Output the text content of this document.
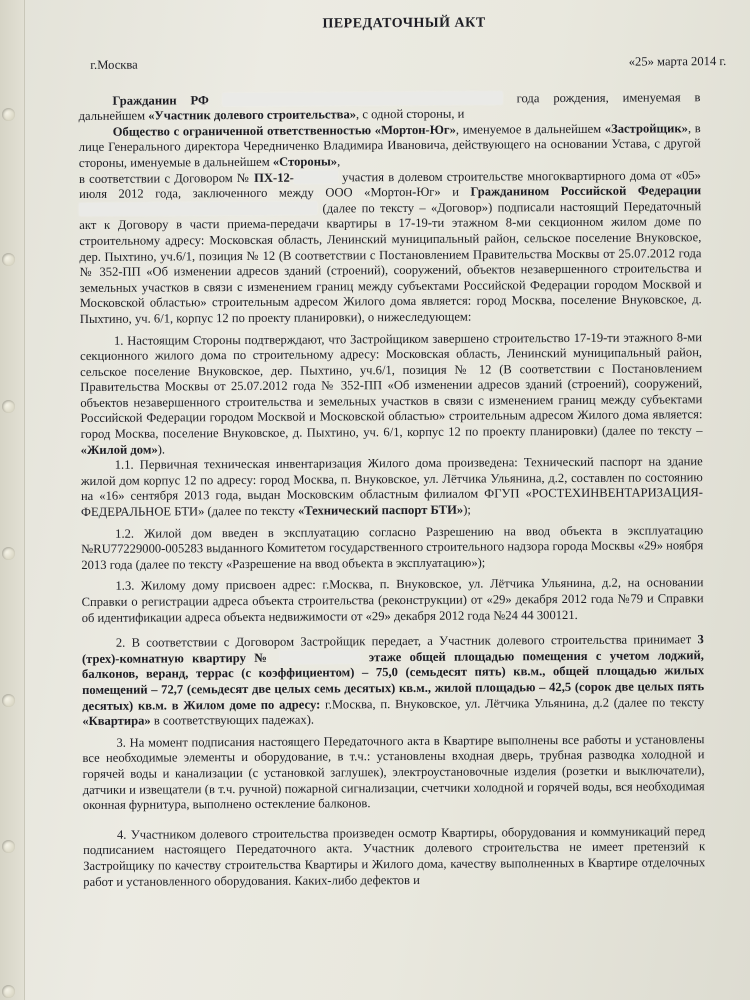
ПЕРЕДАТОЧНЫЙ АКТ
г.Москва	«25» марта 2014 г.

Гражданин РФ	года рождения, именуемая в дальнейшем «Участник долевого строительства», с одной стороны, и

Общество с ограниченной ответственностью «Мортон-Юг», именуемое в дальнейшем «Застройщик», в лице Генерального директора Чередниченко Владимира Ивановича, действующего на основании Устава, с другой стороны, именуемые в дальнейшем «Стороны»,

в соответствии с Договором № ПХ-12-	участия в долевом строительстве многоквартирного дома от «05» июля 2012 года, заключенного между ООО «Мортон-Юг» и Гражданином Российской Федерации  (далее по тексту – «Договор») подписали настоящий Передаточный акт к Договору в части приема-передачи квартиры в 17-19-ти этажном 8-ми секционном жилом доме по строительному адресу: Московская область, Ленинский муниципальный район, сельское поселение Внуковское, дер. Пыхтино, уч.6/1, позиция № 12 (В соответствии с Постановлением Правительства Москвы от 25.07.2012 года № 352-ПП «Об изменении адресов зданий (строений), сооружений, объектов незавершенного строительства и земельных участков в связи с изменением границ между субъектами Российской Федерации городом Москвой и Московской областью» строительным адресом Жилого дома является: город Москва, поселение Внуковское, д. Пыхтино, уч. 6/1, корпус 12 по проекту планировки), о нижеследующем:

1. Настоящим Стороны подтверждают, что Застройщиком завершено строительство 17-19-ти этажного 8-ми секционного жилого дома по строительному адресу: Московская область, Ленинский муниципальный район, сельское поселение Внуковское, дер. Пыхтино, уч.6/1, позиция № 12 (В соответствии с Постановлением Правительства Москвы от 25.07.2012 года № 352-ПП «Об изменении адресов зданий (строений), сооружений, объектов незавершенного строительства и земельных участков в связи с изменением границ между субъектами Российской Федерации городом Москвой и Московской областью» строительным адресом Жилого дома является: город Москва, поселение Внуковское, д. Пыхтино, уч. 6/1, корпус 12 по проекту планировки) (далее по тексту – «Жилой дом»).

1.1. Первичная техническая инвентаризация Жилого дома произведена: Технический паспорт на здание жилой дом корпус 12 по адресу: город Москва, п. Внуковское, ул. Лётчика Ульянина, д.2, составлен по состоянию на «16» сентября 2013 года, выдан Московским областным филиалом ФГУП «РОСТЕХИНВЕНТАРИЗАЦИЯ-ФЕДЕРАЛЬНОЕ БТИ» (далее по тексту «Технический паспорт БТИ»);

1.2. Жилой дом введен в эксплуатацию согласно Разрешению на ввод объекта в эксплуатацию №RU77229000-005283 выданного Комитетом государственного строительного надзора города Москвы «29» ноября 2013 года (далее по тексту «Разрешение на ввод объекта в эксплуатацию»);

1.3. Жилому дому присвоен адрес: г.Москва, п. Внуковское, ул. Лётчика Ульянина, д.2, на основании Справки о регистрации адреса объекта строительства (реконструкции) от «29» декабря 2012 года №79 и Справки об идентификации адреса объекта недвижимости от «29» декабря 2012 года №24 44 300121.

2. В соответствии с Договором Застройщик передает, а Участник долевого строительства принимает 3 (трех)-комнатную квартиру №	этаже общей площадью помещения с учетом лоджий, балконов, веранд, террас (с коэффициентом) – 75,0 (семьдесят пять) кв.м., общей площадью жилых помещений – 72,7 (семьдесят две целых семь десятых) кв.м., жилой площадью – 42,5 (сорок две целых пять десятых) кв.м. в Жилом доме по адресу: г.Москва, п. Внуковское, ул. Лётчика Ульянина, д.2 (далее по тексту «Квартира» в соответствующих падежах).

3. На момент подписания настоящего Передаточного акта в Квартире выполнены все работы и установлены все необходимые элементы и оборудование, в т.ч.: установлены входная дверь, трубная разводка холодной и горячей воды и канализации (с установкой заглушек), электроустановочные изделия (розетки и выключатели), датчики и извещатели (в т.ч. ручной) пожарной сигнализации, счетчики холодной и горячей воды, вся необходимая оконная фурнитура, выполнено остекление балконов.

4. Участником долевого строительства произведен осмотр Квартиры, оборудования и коммуникаций перед подписанием настоящего Передаточного акта. Участник долевого строительства не имеет претензий к Застройщику по качеству строительства Квартиры и Жилого дома, качеству выполненных в Квартире отделочных работ и установленного оборудования. Каких-либо дефектов и
